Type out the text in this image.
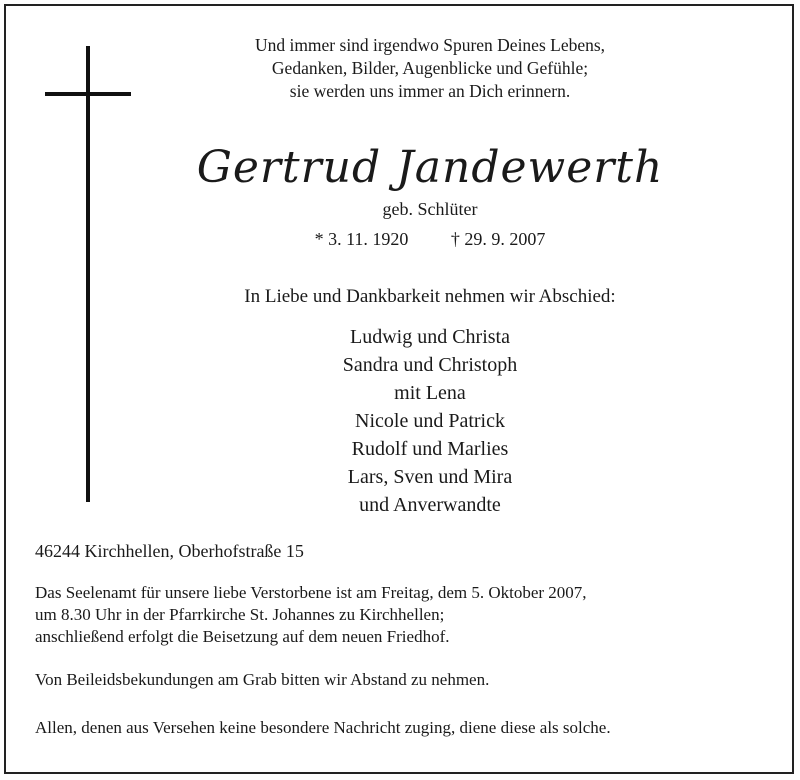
Und immer sind irgendwo Spuren Deines Lebens,
Gedanken, Bilder, Augenblicke und Gefühle;
sie werden uns immer an Dich erinnern.
Gertrud Jandewerth
geb. Schlüter
* 3. 11. 1920 † 29. 9. 2007
In Liebe und Dankbarkeit nehmen wir Abschied:
Ludwig und Christa
Sandra und Christoph
mit Lena
Nicole und Patrick
Rudolf und Marlies
Lars, Sven und Mira
und Anverwandte
46244 Kirchhellen, Oberhofstraße 15
Das Seelenamt für unsere liebe Verstorbene ist am Freitag, dem 5. Oktober 2007,
um 8.30 Uhr in der Pfarrkirche St. Johannes zu Kirchhellen;
anschließend erfolgt die Beisetzung auf dem neuen Friedhof.
Von Beileidsbekundungen am Grab bitten wir Abstand zu nehmen.
Allen, denen aus Versehen keine besondere Nachricht zuging, diene diese als solche.
